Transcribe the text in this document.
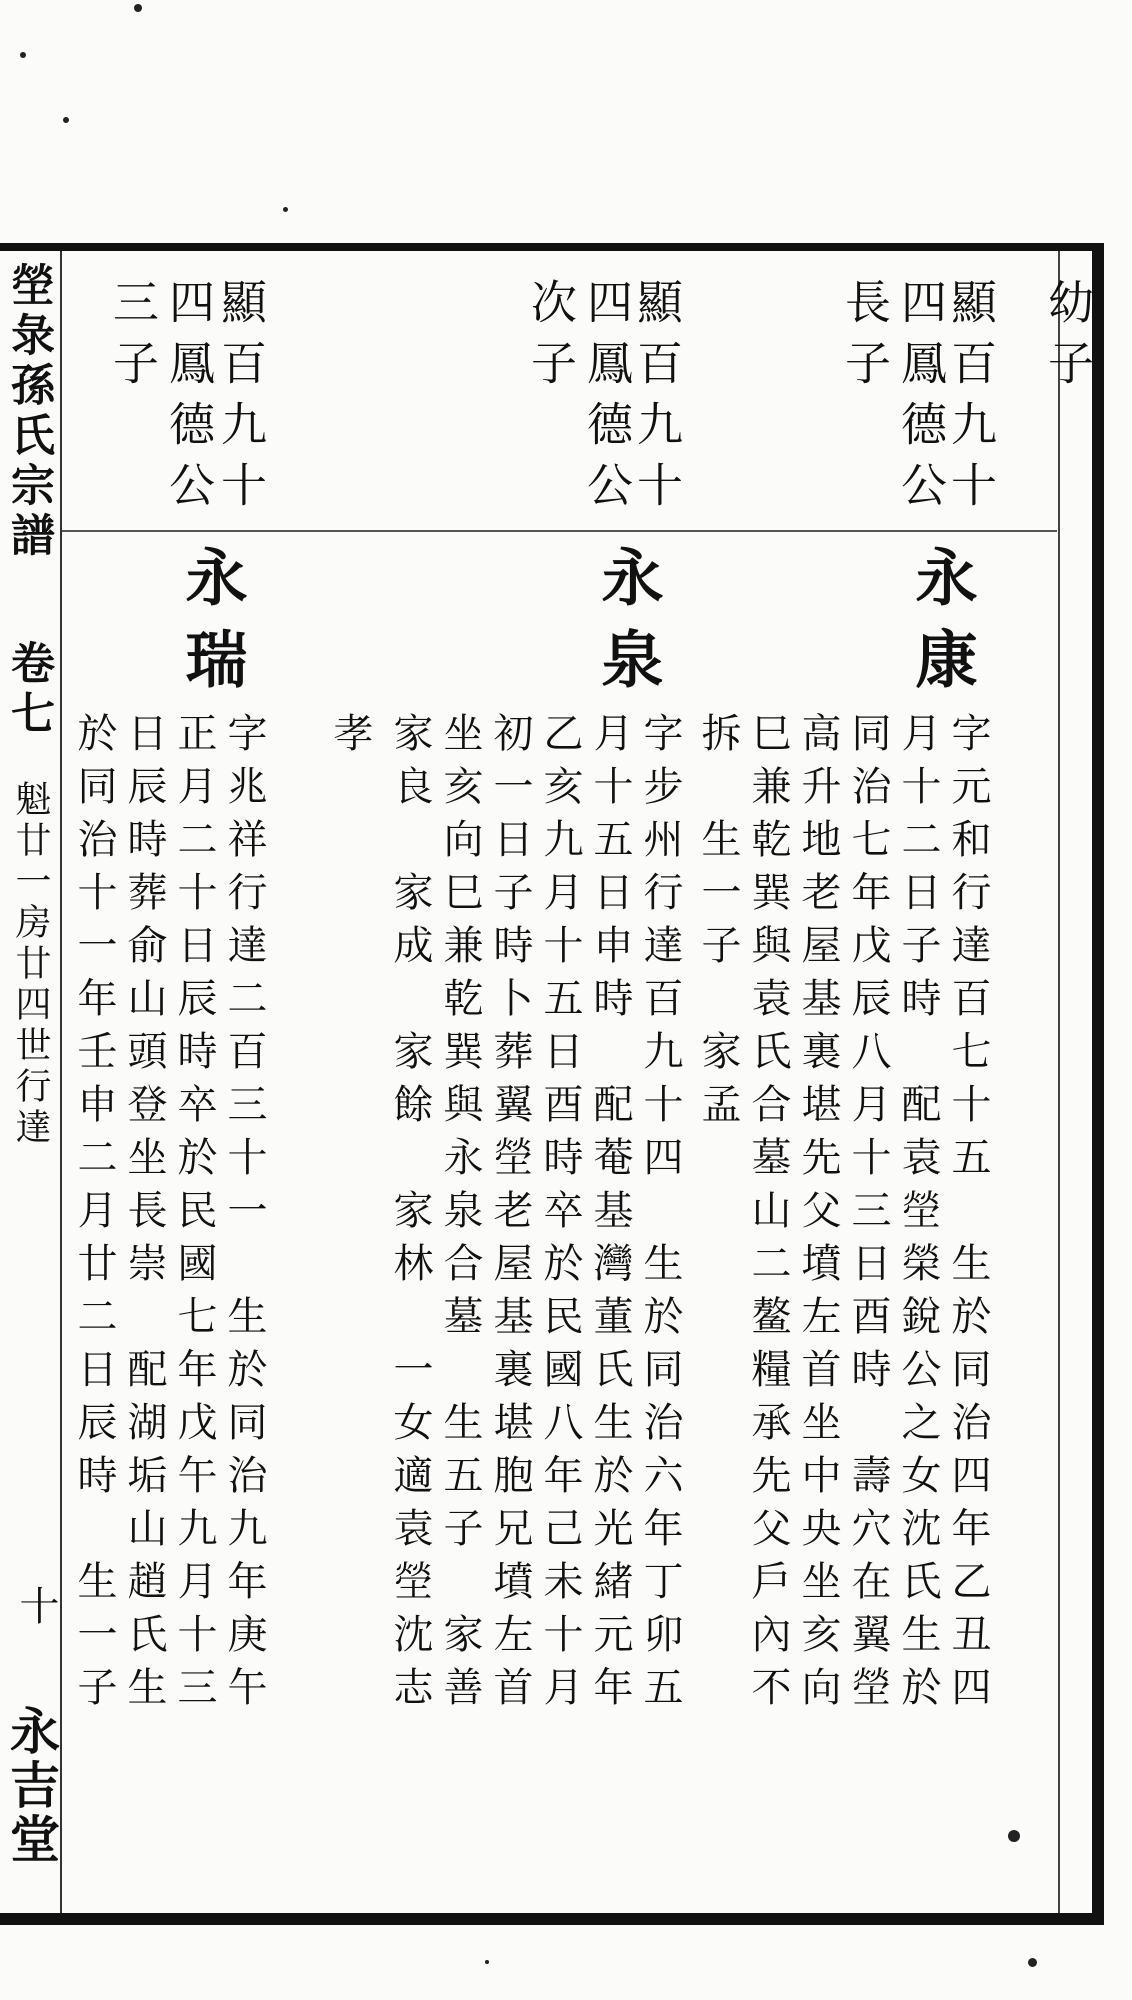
塋彔孫氏宗譜
卷七
魁廿一房廿四世行達
十
永吉堂
幼子
顯百九十
四鳳德公
長子
顯百九十
四鳳德公
次子
顯百九十
四鳳德公
三子
永康
字元和行達百七十五　生於同治四年乙丑四
月十二日子時　配袁塋榮銳公之女沈氏生於
同治七年戊辰八月十三日酉時　壽穴在翼塋
高升地老屋基裏堪先父墳左首坐中央坐亥向
巳兼乾巽與袁氏合墓山二鳌糧承先父戶內不
拆　生一子　家孟
永泉
字步州行達百九十四　生於同治六年丁卯五
月十五日申時　配菴基灣董氏生於光緒元年
乙亥九月十五日酉時卒於民國八年己未十月
初一日子時卜葬翼塋老屋基裏堪胞兄墳左首
坐亥向巳兼乾巽與永泉合墓　生五子　家善
家良　家成　家餘　家林　一女適袁塋沈志
孝
永瑞
字兆祥行達二百三十一　生於同治九年庚午
正月二十日辰時卒於民國七年戊午九月十三
日辰時葬俞山頭登坐長崇　配湖垢山趙氏生
於同治十一年壬申二月廿二日辰時　生一子
